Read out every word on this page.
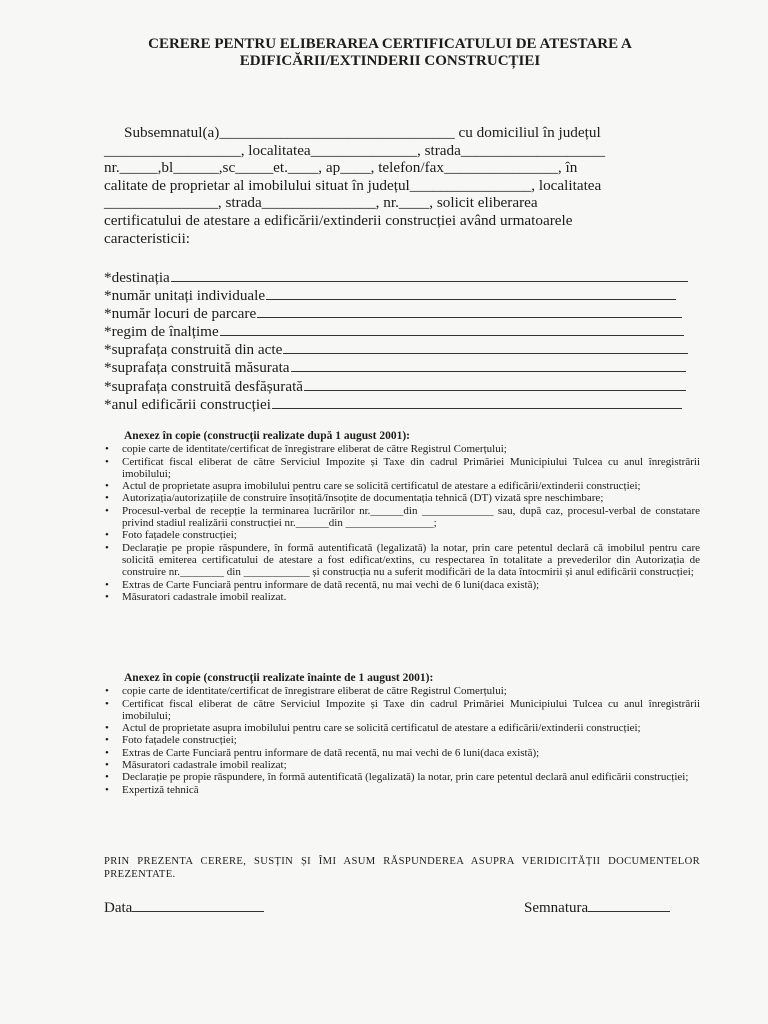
CERERE PENTRU ELIBERAREA CERTIFICATULUI DE ATESTARE A
EDIFICĂRII/EXTINDERII CONSTRUCȚIEI

Subsemnatul(a)_______________________________ cu domiciliul în județul

__________________, localitatea______________, strada___________________

nr._____,bl______,sc_____et.____, ap____, telefon/fax_______________, în

calitate de proprietar al imobilului situat în județul________________, localitatea

_______________, strada_______________, nr.____, solicit eliberarea

certificatului de atestare a edificării/extinderii construcției având urmatoarele

caracteristicii:

*destinația
*număr unitați individuale
*număr locuri de parcare
*regim de înalțime
*suprafața construită din acte
*suprafața construită măsurata
*suprafața construită desfășurată
*anul edificării construcției
Anexez în copie (construcții realizate după 1 august 2001):
• copie carte de identitate/certificat de înregistrare eliberat de către Registrul Comerțului;
• Certificat fiscal eliberat de către Serviciul Impozite și Taxe din cadrul Primăriei Municipiului Tulcea cu anul înregistrării imobilului;
• Actul de proprietate asupra imobilului pentru care se solicită certificatul de atestare a edificării/extinderii construcției;
• Autorizația/autorizațiile de construire însoțită/însoțite de documentația tehnică (DT) vizată spre neschimbare;
• Procesul-verbal de recepție la terminarea lucrărilor nr.______din _____________ sau, după caz, procesul-verbal de constatare privind stadiul realizării construcției nr.______din ________________;
• Foto fațadele construcției;
• Declarație pe propie răspundere, în formă autentificată (legalizată) la notar, prin care petentul declară că imobilul pentru care solicită emiterea certificatului de atestare a fost edificat/extins, cu respectarea în totalitate a prevederilor din Autorizația de construire nr.________ din ____________ și construcția nu a suferit modificări de la data întocmirii și anul edificării construcției;
• Extras de Carte Funciară pentru informare de dată recentă, nu mai vechi de 6 luni(daca există);
• Măsuratori cadastrale imobil realizat.
Anexez în copie (construcții realizate înainte de 1 august 2001):
• copie carte de identitate/certificat de înregistrare eliberat de către Registrul Comerțului;
• Certificat fiscal eliberat de către Serviciul Impozite și Taxe din cadrul Primăriei Municipiului Tulcea cu anul înregistrării imobilului;
• Actul de proprietate asupra imobilului pentru care se solicită certificatul de atestare a edificării/extinderii construcției;
• Foto fațadele construcției;
• Extras de Carte Funciară pentru informare de dată recentă, nu mai vechi de 6 luni(daca există);
• Măsuratori cadastrale imobil realizat;
• Declarație pe propie răspundere, în formă autentificată (legalizată) la notar, prin care petentul declară anul edificării construcției;
• Expertiză tehnică
PRIN PREZENTA CERERE, SUSȚIN ȘI ÎMI ASUM RĂSPUNDEREA ASUPRA VERIDICITĂȚII DOCUMENTELOR PREZENTATE.
Data	Semnatura
